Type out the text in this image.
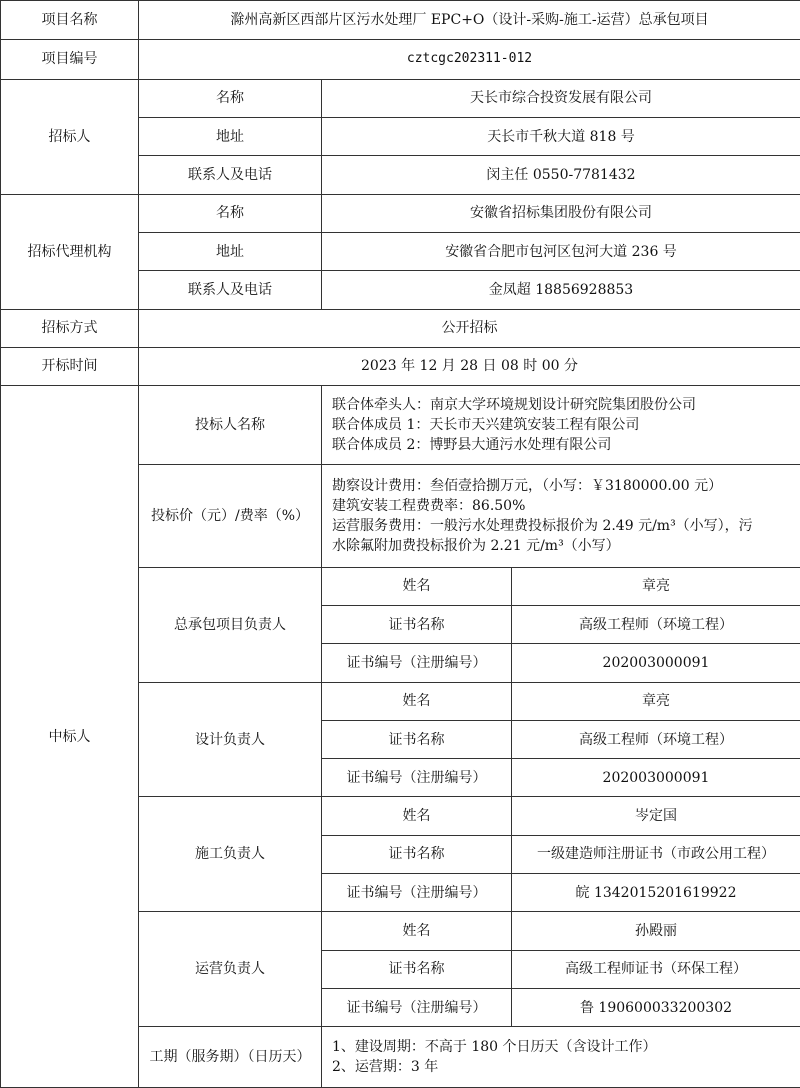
项目名称	滁州高新区西部片区污水处理厂 EPC+O（设计-采购-施工-运营）总承包项目		
项目编号	cztcgc202311-012		
招标人	名称	天长市综合投资发展有限公司	
	地址	天长市千秋大道 818 号	
	联系人及电话	闵主任 0550-7781432	
招标代理机构	名称	安徽省招标集团股份有限公司	
	地址	安徽省合肥市包河区包河大道 236 号	
	联系人及电话	金凤超 18856928853	
招标方式	公开招标		
开标时间	2023 年 12 月 28 日 08 时 00 分		
中标人	投标人名称	联合体牵头人：南京大学环境规划设计研究院集团股份公司
联合体成员 1：天长市天兴建筑安装工程有限公司
联合体成员 2：博野县大通污水处理有限公司	

	投标价（元）/费率（%）	勘察设计费用：叁佰壹拾捌万元，（小写：￥3180000.00 元）
建筑安装工程费费率：86.50%
运营服务费用：一般污水处理费投标报价为 2.49 元/m³（小写），污
水除氟附加费投标报价为 2.21 元/m³（小写）	

	总承包项目负责人	姓名	章亮
		证书名称	高级工程师（环境工程）
		证书编号（注册编号）	202003000091
	设计负责人	姓名	章亮
		证书名称	高级工程师（环境工程）
		证书编号（注册编号）	202003000091
	施工负责人	姓名	岑定国
		证书名称	一级建造师注册证书（市政公用工程）
		证书编号（注册编号）	皖 1342015201619922
	运营负责人	姓名	孙殿丽
		证书名称	高级工程师证书（环保工程）
		证书编号（注册编号）	鲁 190600033200302
	工期（服务期）（日历天）	1、建设周期：不高于 180 个日历天（含设计工作）
2、运营期：3 年	
